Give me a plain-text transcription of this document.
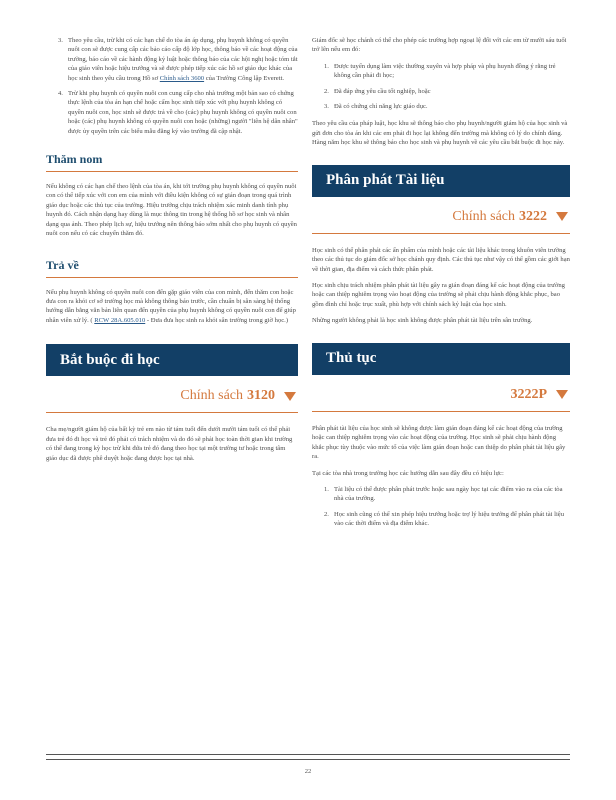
3. Theo yêu cầu, trừ khi có các hạn chế do tòa án áp dụng, phụ huynh không có quyền nuôi con sẽ được cung cấp các bảo cáo cấp độ lớp học, thông báo về các hoạt động của trường, báo cáo về các hành động kỷ luật hoặc thông báo của các hội nghị hoặc tóm tắt của giáo viên hoặc hiệu trưởng và sẽ được phép tiếp xúc các hồ sơ giáo dục khác của học sinh theo yêu cầu trong Hồ sơ Chính sách 3600 của Trường Công lập Everett.
4. Trừ khi phụ huynh có quyền nuôi con cung cấp cho nhà trường một bản sao có chứng thực lệnh của tòa án hạn chế hoặc cấm học sinh tiếp xúc với phụ huynh không có quyền nuôi con, học sinh sẽ được trả về cho (các) phụ huynh không có quyền nuôi con hoặc (các) phụ huynh không có quyền nuôi con hoặc (những) người "liên hệ dân nhân" được ủy quyền trên các biểu mẫu đăng ký vào trường đã cập nhật.
Thăm nom

Nếu không có các hạn chế theo lệnh của tòa án, khi tới trường phụ huynh không có quyền nuôi con có thể tiếp xúc với con em của mình với điều kiện không có sự gián đoạn trong quá trình giáo dục hoặc các thủ tục của trường. Hiệu trưởng chịu trách nhiệm xác minh danh tính phụ huynh đó. Cách nhận dạng hay dùng là mục thông tin trong hệ thống hồ sơ học sinh và nhân dạng qua ảnh. Theo phép lịch sự, hiệu trưởng nên thông báo sớm nhất cho phụ huynh có quyền nuôi con nếu có các chuyến thăm đó.

Trả về

Nếu phụ huynh không có quyền nuôi con đến gặp giáo viên của con mình, đến thăm con hoặc đưa con ra khỏi cơ sở trường học mà không thông báo trước, cần chuẩn bị sẵn sàng hệ thống hướng dẫn bằng văn bản liên quan đến quyền của phụ huynh không có quyền nuôi con để giúp nhân viên xử lý. ( RCW 28A.605.010 - Đưa đưa học sinh ra khỏi sân trường trong giờ học.)

Bắt buộc đi học
Chính sách 3120

Cha mẹ/người giám hộ của bất kỳ trẻ em nào từ tám tuổi đến dưới mười tám tuổi có thể phải đưa trẻ đó đi học và trẻ đó phải có trách nhiệm và do đó sẽ phải học toàn thời gian khi trường có thể đang trong kỳ học trừ khi đứa trẻ đó đang theo học tại một trường tư hoặc trong tâm giáo dục đã được phê duyệt hoặc đang được học tại nhà.

Giám đốc sẽ học chánh có thể cho phép các trường hợp ngoại lệ đối với các em từ mười sáu tuổi trở lên nếu em đó:

1. Được tuyển dụng làm việc thường xuyên và hợp pháp và phụ huynh đồng ý rằng trẻ không cần phải đi học;
2. Đã đáp ứng yêu cầu tốt nghiệp, hoặc
3. Đã có chứng chỉ năng lực giáo dục.

Theo yêu cầu của pháp luật, học khu sẽ thông báo cho phụ huynh/người giám hộ của học sinh và gửi đơn cho tòa án khi các em phải đi học lại không đến trường mà không có lý do chính đáng. Hàng năm học khu sẽ thông báo cho học sinh và phụ huynh về các yêu cầu bắt buộc đi học này.

Phân phát Tài liệu
Chính sách 3222

Học sinh có thể phân phát các ấn phẩm của mình hoặc các tài liệu khác trong khuôn viên trường theo các thủ tục do giám đốc sở học chánh quy định. Các thủ tục như vậy có thể gồm các giới hạn về thời gian, địa điểm và cách thức phân phát.

Học sinh chịu trách nhiệm phân phát tài liệu gây ra gián đoạn đáng kể các hoạt động của trường hoặc can thiệp nghiêm trọng vào hoạt động của trường sẽ phải chịu hành động khắc phục, bao gồm đình chỉ hoặc trục xuất, phù hợp với chính sách kỷ luật của học sinh.

Những người không phải là học sinh không được phân phát tài liệu trên sân trường.

Thủ tục
3222P

Phân phát tài liệu của học sinh sẽ không được làm gián đoạn đáng kể các hoạt động của trường hoặc can thiệp nghiêm trọng vào các hoạt động của trường. Học sinh sẽ phải chịu hành động khắc phục tùy thuộc vào mức tổ của việc làm gián đoạn hoặc can thiệp do phân phát tài liệu gây ra.

Tại các tòa nhà trong trường học các hướng dẫn sau đây đều có hiệu lực:

1. Tài liệu có thể được phân phát trước hoặc sau ngày học tại các điểm vào ra của các tòa nhà của trường.
2. Học sinh cũng có thể xin phép hiệu trưởng hoặc trợ lý hiệu trưởng để phân phát tài liệu vào các thời điểm và địa điểm khác.
22
